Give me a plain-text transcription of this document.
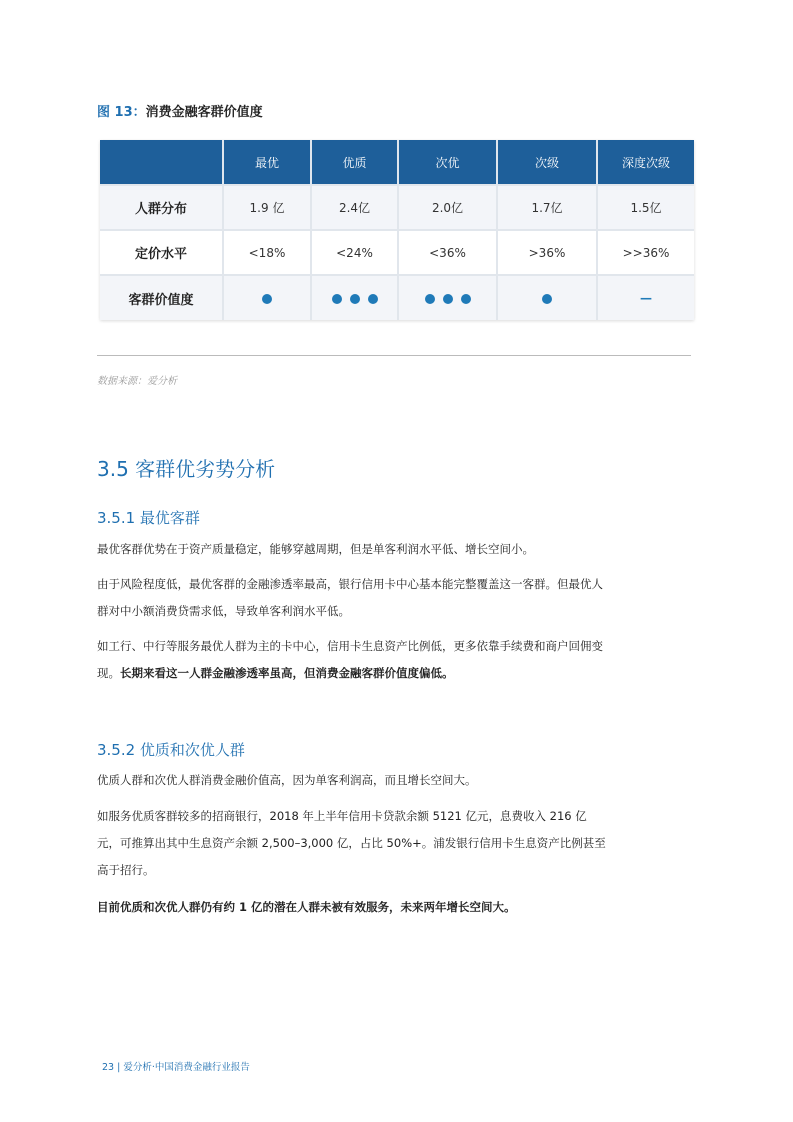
图 13：消费金融客群价值度
	最优	优质	次优	次级	深度次级
人群分布	1.9 亿	2.4亿	2.0亿	1.7亿	1.5亿
定价水平	<18%	<24%	<36%	>36%	>>36%
客群价值度					—
数据来源：爱分析
3.5 客群优劣势分析
3.5.1 最优客群

最优客群优势在于资产质量稳定，能够穿越周期，但是单客利润水平低、增长空间小。

由于风险程度低，最优客群的金融渗透率最高，银行信用卡中心基本能完整覆盖这一客群。但最优人群对中小额消费贷需求低，导致单客利润水平低。

如工行、中行等服务最优人群为主的卡中心，信用卡生息资产比例低，更多依靠手续费和商户回佣变现。长期来看这一人群金融渗透率虽高，但消费金融客群价值度偏低。

3.5.2 优质和次优人群

优质人群和次优人群消费金融价值高，因为单客利润高，而且增长空间大。

如服务优质客群较多的招商银行，2018 年上半年信用卡贷款余额 5121 亿元，息费收入 216 亿元，可推算出其中生息资产余额 2,500–3,000 亿，占比 50%+。浦发银行信用卡生息资产比例甚至高于招行。

目前优质和次优人群仍有约 1 亿的潜在人群未被有效服务，未来两年增长空间大。

23 | 爱分析·中国消费金融行业报告
